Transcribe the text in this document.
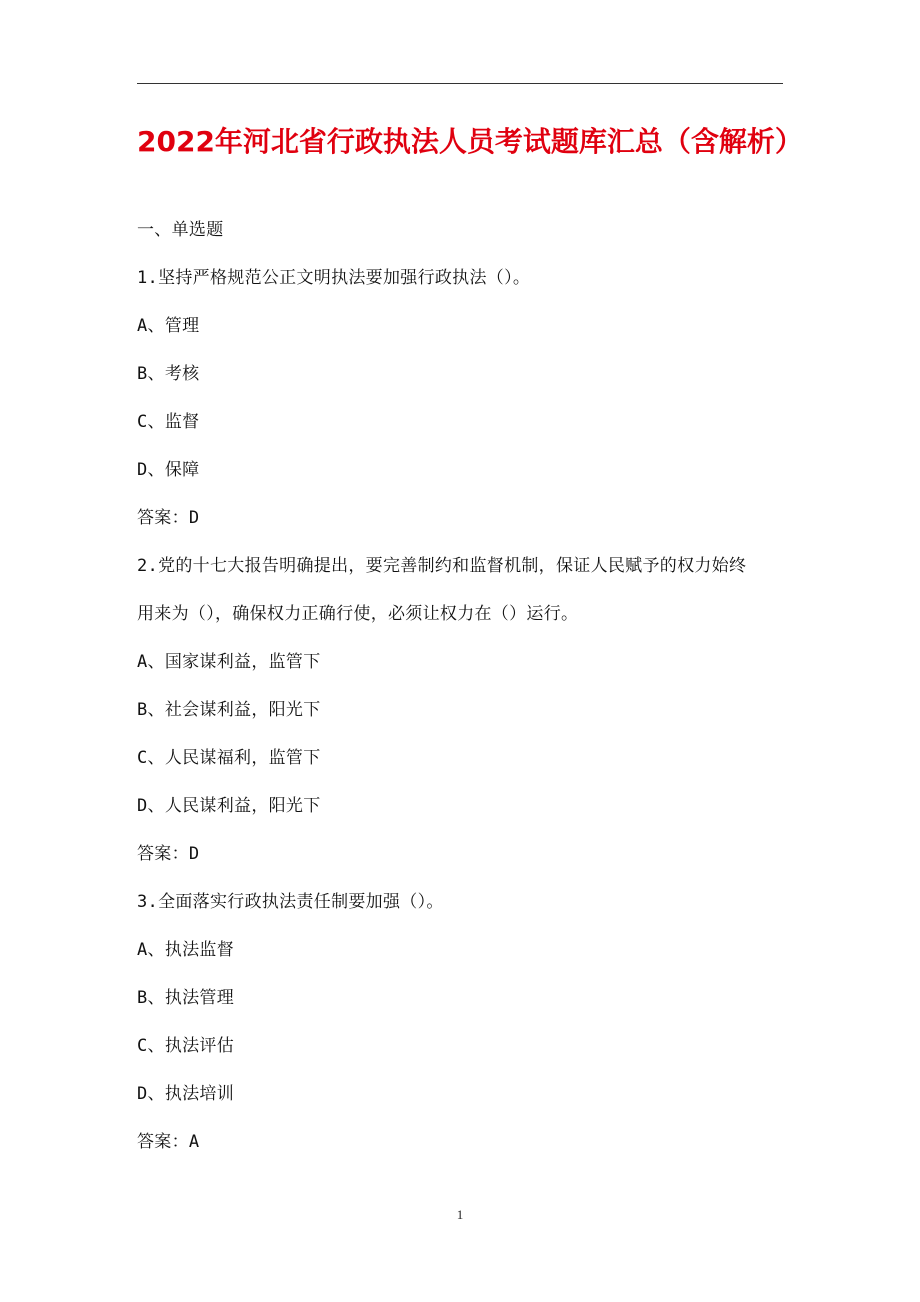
2022年河北省行政执法人员考试题库汇总（含解析）
一、单选题
1.坚持严格规范公正文明执法要加强行政执法（）。
A、管理
B、考核
C、监督
D、保障
答案：D
2.党的十七大报告明确提出，要完善制约和监督机制，保证人民赋予的权力始终
用来为（），确保权力正确行使，必须让权力在（）运行。
A、国家谋利益，监管下
B、社会谋利益，阳光下
C、人民谋福利，监管下
D、人民谋利益，阳光下
答案：D
3.全面落实行政执法责任制要加强（）。
A、执法监督
B、执法管理
C、执法评估
D、执法培训
答案：A
1
